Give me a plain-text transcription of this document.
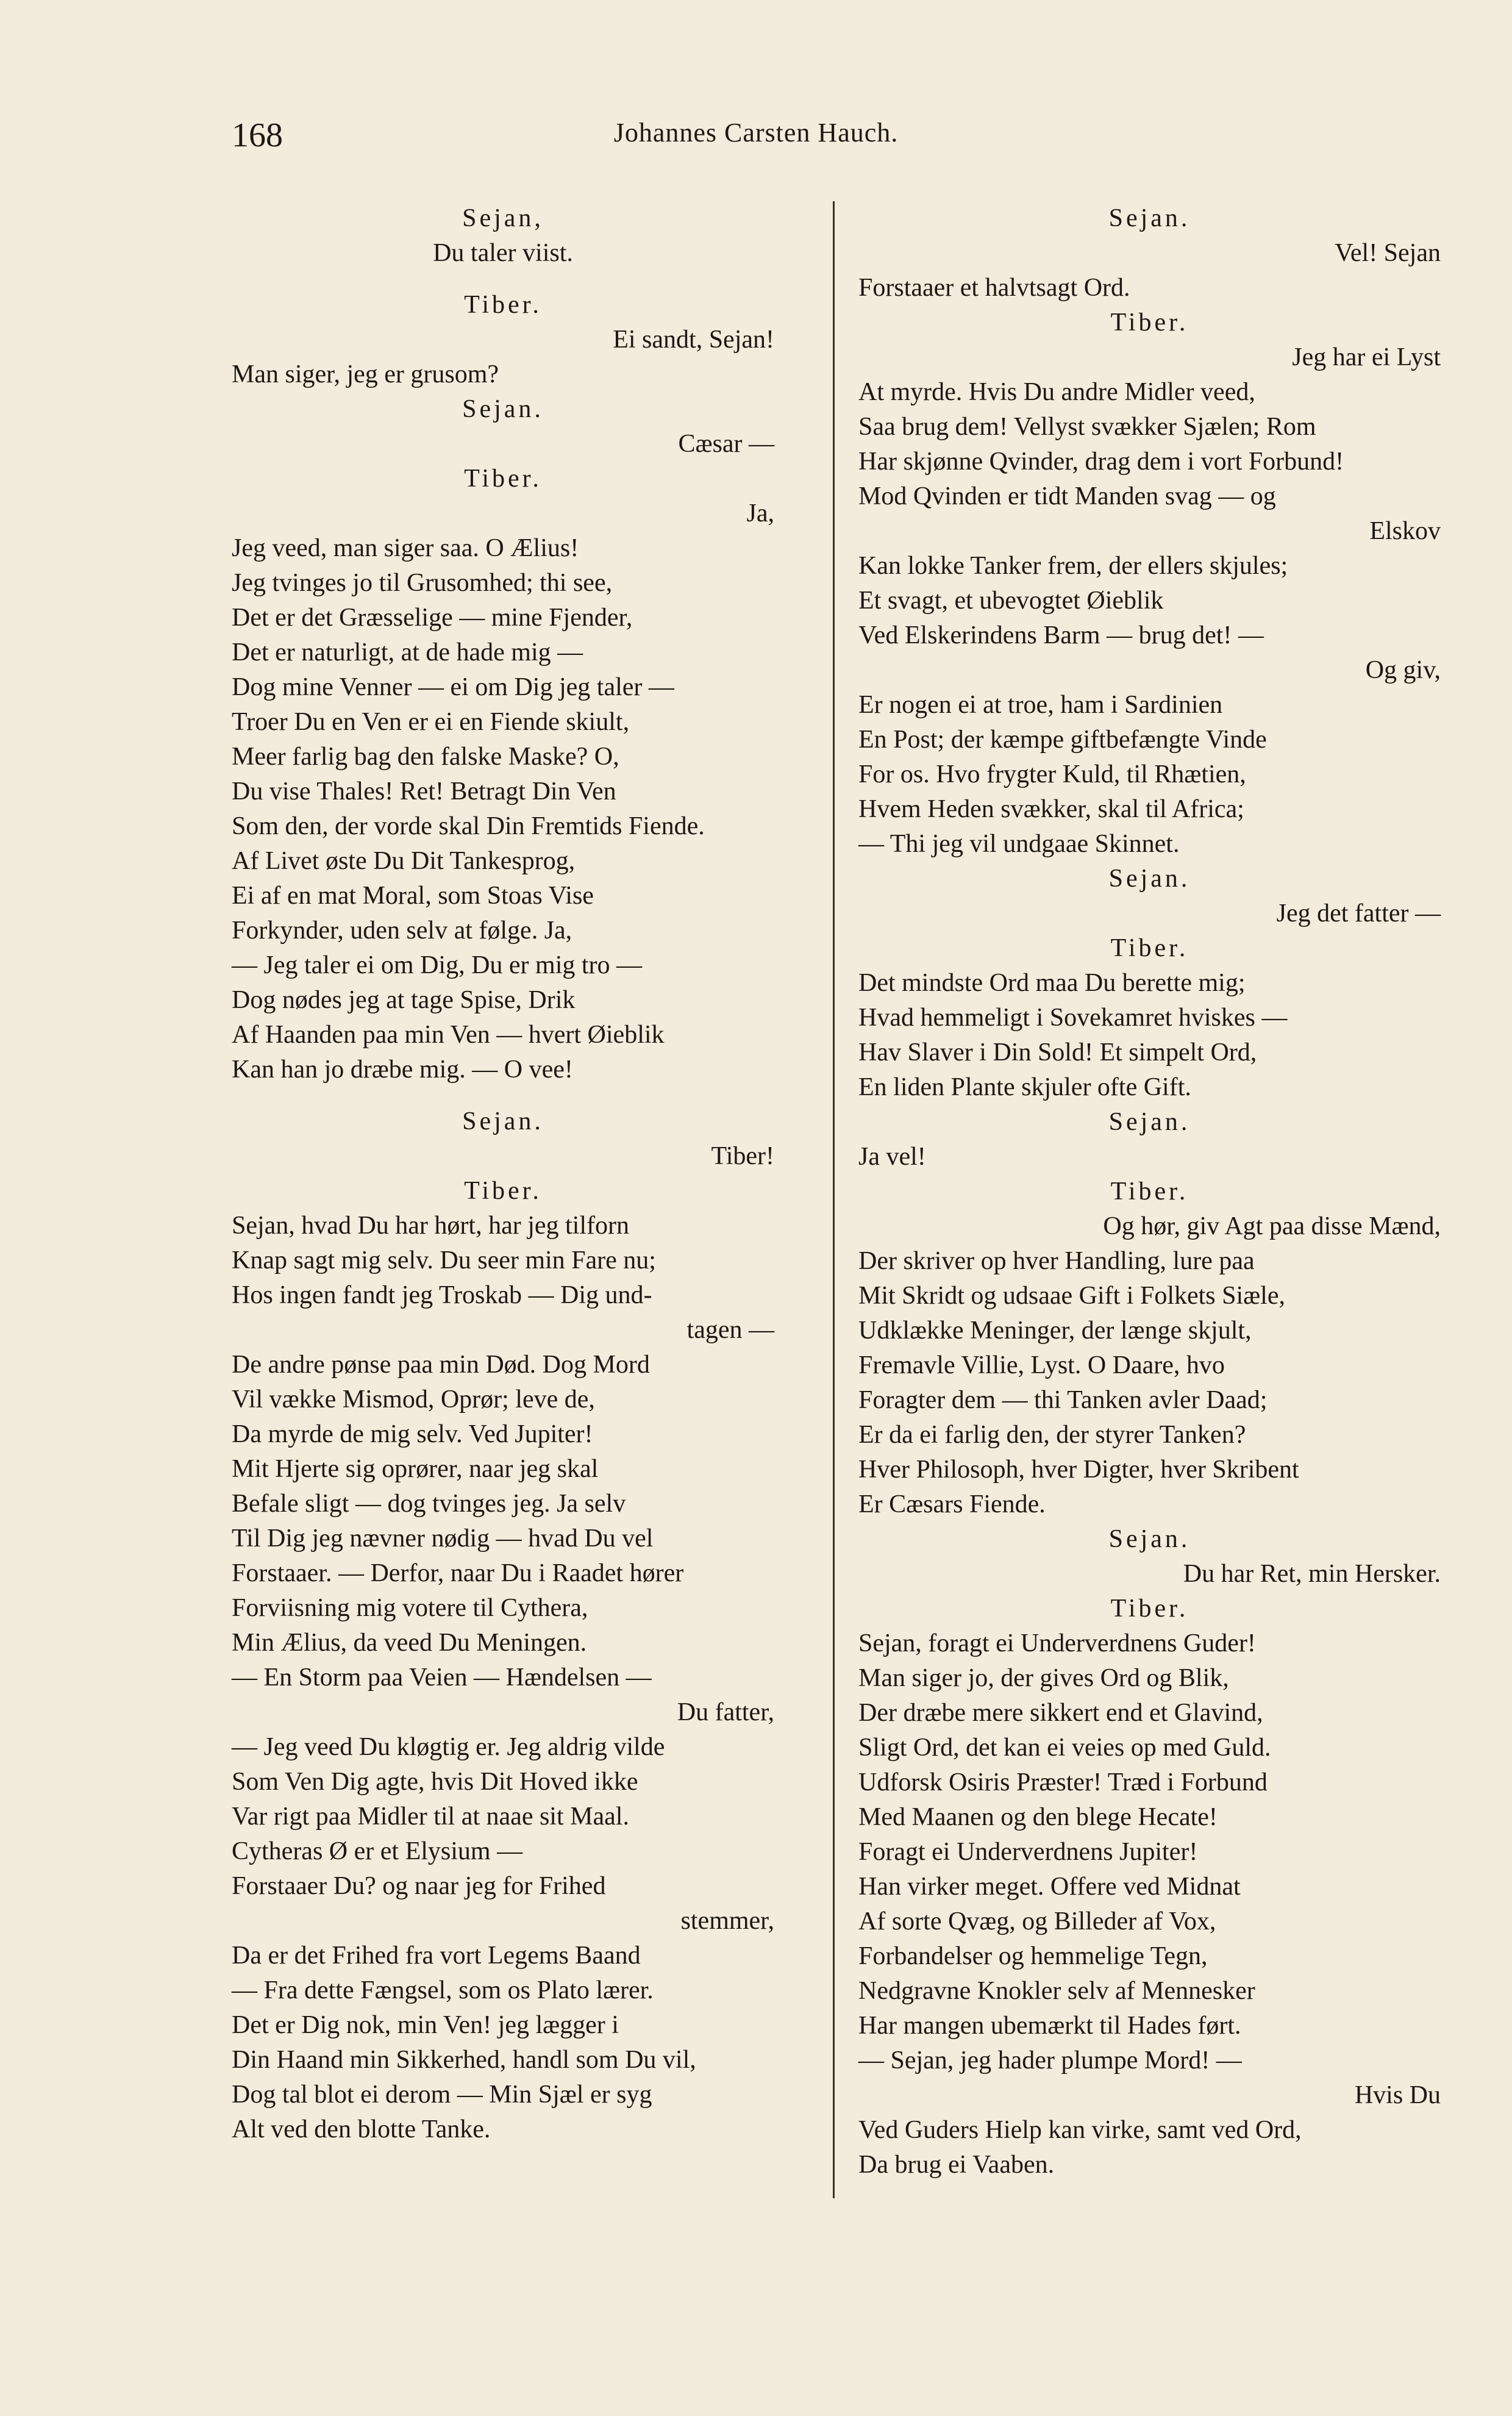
168	Johannes Carsten Hauch.
Sejan,
Du taler viist.
Tiber.
Ei sandt, Sejan!
Man siger, jeg er grusom?
Sejan.
Cæsar —
Tiber.
Ja,
Jeg veed, man siger saa. O Ælius!
Jeg tvinges jo til Grusomhed; thi see,
Det er det Græsselige — mine Fjender,
Det er naturligt, at de hade mig —
Dog mine Venner — ei om Dig jeg taler —
Troer Du en Ven er ei en Fiende skiult,
Meer farlig bag den falske Maske? O,
Du vise Thales! Ret! Betragt Din Ven
Som den, der vorde skal Din Fremtids Fiende.
Af Livet øste Du Dit Tankesprog,
Ei af en mat Moral, som Stoas Vise
Forkynder, uden selv at følge. Ja,
— Jeg taler ei om Dig, Du er mig tro —
Dog nødes jeg at tage Spise, Drik
Af Haanden paa min Ven — hvert Øieblik
Kan han jo dræbe mig. — O vee!
Sejan.
Tiber!
Tiber.
Sejan, hvad Du har hørt, har jeg tilforn
Knap sagt mig selv. Du seer min Fare nu;
Hos ingen fandt jeg Troskab — Dig und-
tagen —
De andre pønse paa min Død. Dog Mord
Vil vække Mismod, Oprør; leve de,
Da myrde de mig selv. Ved Jupiter!
Mit Hjerte sig oprører, naar jeg skal
Befale sligt — dog tvinges jeg. Ja selv
Til Dig jeg nævner nødig — hvad Du vel
Forstaaer. — Derfor, naar Du i Raadet hører
Forviisning mig votere til Cythera,
Min Ælius, da veed Du Meningen.
— En Storm paa Veien — Hændelsen —
Du fatter,
— Jeg veed Du kløgtig er. Jeg aldrig vilde
Som Ven Dig agte, hvis Dit Hoved ikke
Var rigt paa Midler til at naae sit Maal.
Cytheras Ø er et Elysium —
Forstaaer Du? og naar jeg for Frihed
stemmer,
Da er det Frihed fra vort Legems Baand
— Fra dette Fængsel, som os Plato lærer.
Det er Dig nok, min Ven! jeg lægger i
Din Haand min Sikkerhed, handl som Du vil,
Dog tal blot ei derom — Min Sjæl er syg
Alt ved den blotte Tanke.
Sejan.
Vel! Sejan
Forstaaer et halvtsagt Ord.
Tiber.
Jeg har ei Lyst
At myrde. Hvis Du andre Midler veed,
Saa brug dem! Vellyst svækker Sjælen; Rom
Har skjønne Qvinder, drag dem i vort Forbund!
Mod Qvinden er tidt Manden svag — og
Elskov
Kan lokke Tanker frem, der ellers skjules;
Et svagt, et ubevogtet Øieblik
Ved Elskerindens Barm — brug det! —
Og giv,
Er nogen ei at troe, ham i Sardinien
En Post; der kæmpe giftbefængte Vinde
For os. Hvo frygter Kuld, til Rhætien,
Hvem Heden svækker, skal til Africa;
— Thi jeg vil undgaae Skinnet.
Sejan.
Jeg det fatter —
Tiber.
Det mindste Ord maa Du berette mig;
Hvad hemmeligt i Sovekamret hviskes —
Hav Slaver i Din Sold! Et simpelt Ord,
En liden Plante skjuler ofte Gift.
Sejan.
Ja vel!
Tiber.
Og hør, giv Agt paa disse Mænd,
Der skriver op hver Handling, lure paa
Mit Skridt og udsaae Gift i Folkets Siæle,
Udklække Meninger, der længe skjult,
Fremavle Villie, Lyst. O Daare, hvo
Foragter dem — thi Tanken avler Daad;
Er da ei farlig den, der styrer Tanken?
Hver Philosoph, hver Digter, hver Skribent
Er Cæsars Fiende.
Sejan.
Du har Ret, min Hersker.
Tiber.
Sejan, foragt ei Underverdnens Guder!
Man siger jo, der gives Ord og Blik,
Der dræbe mere sikkert end et Glavind,
Sligt Ord, det kan ei veies op med Guld.
Udforsk Osiris Præster! Træd i Forbund
Med Maanen og den blege Hecate!
Foragt ei Underverdnens Jupiter!
Han virker meget. Offere ved Midnat
Af sorte Qvæg, og Billeder af Vox,
Forbandelser og hemmelige Tegn,
Nedgravne Knokler selv af Mennesker
Har mangen ubemærkt til Hades ført.
— Sejan, jeg hader plumpe Mord! —
Hvis Du
Ved Guders Hielp kan virke, samt ved Ord,
Da brug ei Vaaben.
